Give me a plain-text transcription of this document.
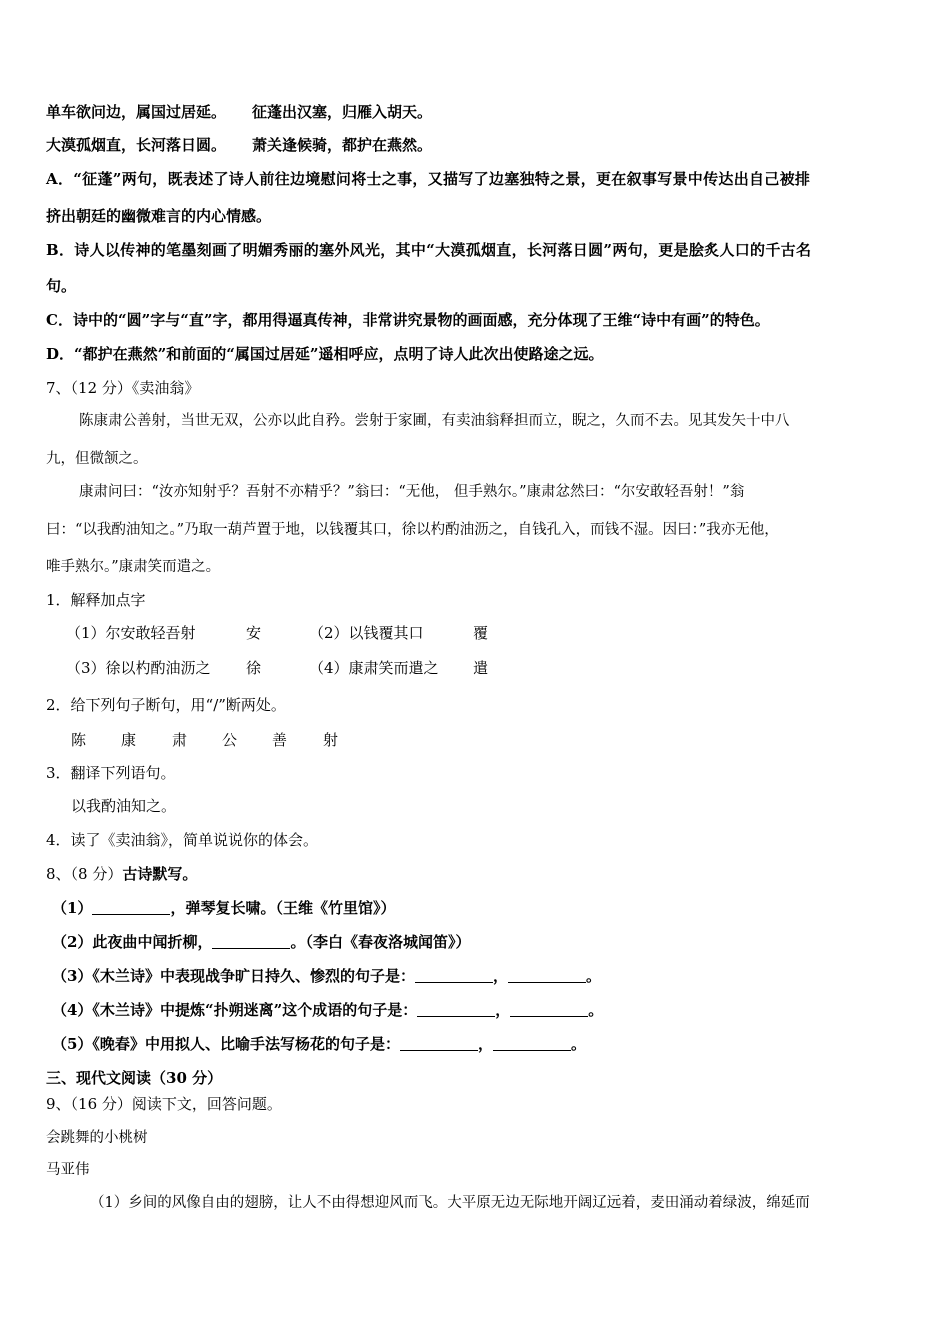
单车欲问边，属国过居延。 征蓬出汉塞，归雁入胡天。
大漠孤烟直，长河落日圆。 萧关逢候骑，都护在燕然。
A．“征蓬”两句，既表述了诗人前往边境慰问将士之事，又描写了边塞独特之景，更在叙事写景中传达出自己被排
挤出朝廷的幽微难言的内心情感。
B．诗人以传神的笔墨刻画了明媚秀丽的塞外风光，其中“大漠孤烟直，长河落日圆”两句，更是脍炙人口的千古名
句。
C．诗中的“圆”字与“直”字，都用得逼真传神，非常讲究景物的画面感，充分体现了王维“诗中有画”的特色。
D．“都护在燕然”和前面的“属国过居延”遥相呼应，点明了诗人此次出使路途之远。
7、（12 分）《卖油翁》
陈康肃公善射，当世无双，公亦以此自矜。尝射于家圃，有卖油翁释担而立，睨之，久而不去。见其发矢十中八
九，但微颔之。
康肃问曰：“汝亦知射乎？吾射不亦精乎？”翁曰：“无他， 但手熟尔。”康肃忿然曰：“尔安敢轻吾射！”翁
曰：“以我酌油知之。”乃取一葫芦置于地，以钱覆其口，徐以杓酌油沥之，自钱孔入，而钱不湿。因曰：”我亦无他，
唯手熟尔。”康肃笑而遣之。
1．解释加点字
（1）尔安敢轻吾射	安	（2）以钱覆其口	覆
（3）徐以杓酌油沥之 徐	（4）康肃笑而遣之 遣
2．给下列句子断句，用“/”断两处。
陈 康 肃 公 善 射
3．翻译下列语句。
以我酌油知之。
4．读了《卖油翁》，简单说说你的体会。
8、（8 分）古诗默写。
（1）	，弹琴复长啸。（王维《竹里馆》）
（2）此夜曲中闻折柳，	。（李白《春夜洛城闻笛》）
（3）《木兰诗》中表现战争旷日持久、惨烈的句子是：	，	。
（4）《木兰诗》中提炼“扑朔迷离”这个成语的句子是：	，	。
（5）《晚春》中用拟人、比喻手法写杨花的句子是：	，	。
三、现代文阅读（30 分）
9、（16 分）阅读下文，回答问题。
会跳舞的小桃树
马亚伟
（1）乡间的风像自由的翅膀，让人不由得想迎风而飞。大平原无边无际地开阔辽远着，麦田涌动着绿波，绵延而
